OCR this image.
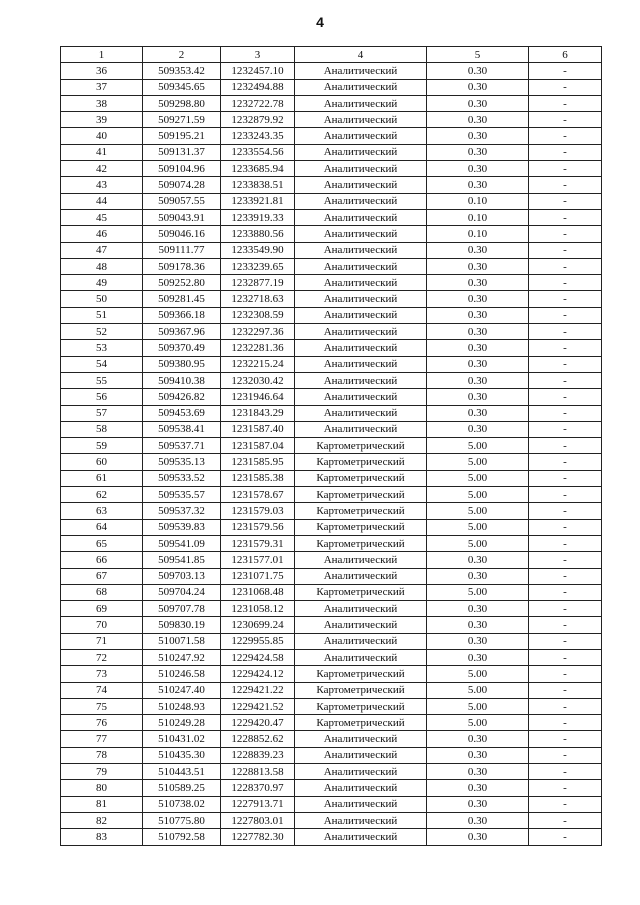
4
1	2	3	4	5	6
36	509353.42	1232457.10	Аналитический	0.30	-
37	509345.65	1232494.88	Аналитический	0.30	-
38	509298.80	1232722.78	Аналитический	0.30	-
39	509271.59	1232879.92	Аналитический	0.30	-
40	509195.21	1233243.35	Аналитический	0.30	-
41	509131.37	1233554.56	Аналитический	0.30	-
42	509104.96	1233685.94	Аналитический	0.30	-
43	509074.28	1233838.51	Аналитический	0.30	-
44	509057.55	1233921.81	Аналитический	0.10	-
45	509043.91	1233919.33	Аналитический	0.10	-
46	509046.16	1233880.56	Аналитический	0.10	-
47	509111.77	1233549.90	Аналитический	0.30	-
48	509178.36	1233239.65	Аналитический	0.30	-
49	509252.80	1232877.19	Аналитический	0.30	-
50	509281.45	1232718.63	Аналитический	0.30	-
51	509366.18	1232308.59	Аналитический	0.30	-
52	509367.96	1232297.36	Аналитический	0.30	-
53	509370.49	1232281.36	Аналитический	0.30	-
54	509380.95	1232215.24	Аналитический	0.30	-
55	509410.38	1232030.42	Аналитический	0.30	-
56	509426.82	1231946.64	Аналитический	0.30	-
57	509453.69	1231843.29	Аналитический	0.30	-
58	509538.41	1231587.40	Аналитический	0.30	-
59	509537.71	1231587.04	Картометрический	5.00	-
60	509535.13	1231585.95	Картометрический	5.00	-
61	509533.52	1231585.38	Картометрический	5.00	-
62	509535.57	1231578.67	Картометрический	5.00	-
63	509537.32	1231579.03	Картометрический	5.00	-
64	509539.83	1231579.56	Картометрический	5.00	-
65	509541.09	1231579.31	Картометрический	5.00	-
66	509541.85	1231577.01	Аналитический	0.30	-
67	509703.13	1231071.75	Аналитический	0.30	-
68	509704.24	1231068.48	Картометрический	5.00	-
69	509707.78	1231058.12	Аналитический	0.30	-
70	509830.19	1230699.24	Аналитический	0.30	-
71	510071.58	1229955.85	Аналитический	0.30	-
72	510247.92	1229424.58	Аналитический	0.30	-
73	510246.58	1229424.12	Картометрический	5.00	-
74	510247.40	1229421.22	Картометрический	5.00	-
75	510248.93	1229421.52	Картометрический	5.00	-
76	510249.28	1229420.47	Картометрический	5.00	-
77	510431.02	1228852.62	Аналитический	0.30	-
78	510435.30	1228839.23	Аналитический	0.30	-
79	510443.51	1228813.58	Аналитический	0.30	-
80	510589.25	1228370.97	Аналитический	0.30	-
81	510738.02	1227913.71	Аналитический	0.30	-
82	510775.80	1227803.01	Аналитический	0.30	-
83	510792.58	1227782.30	Аналитический	0.30	-
